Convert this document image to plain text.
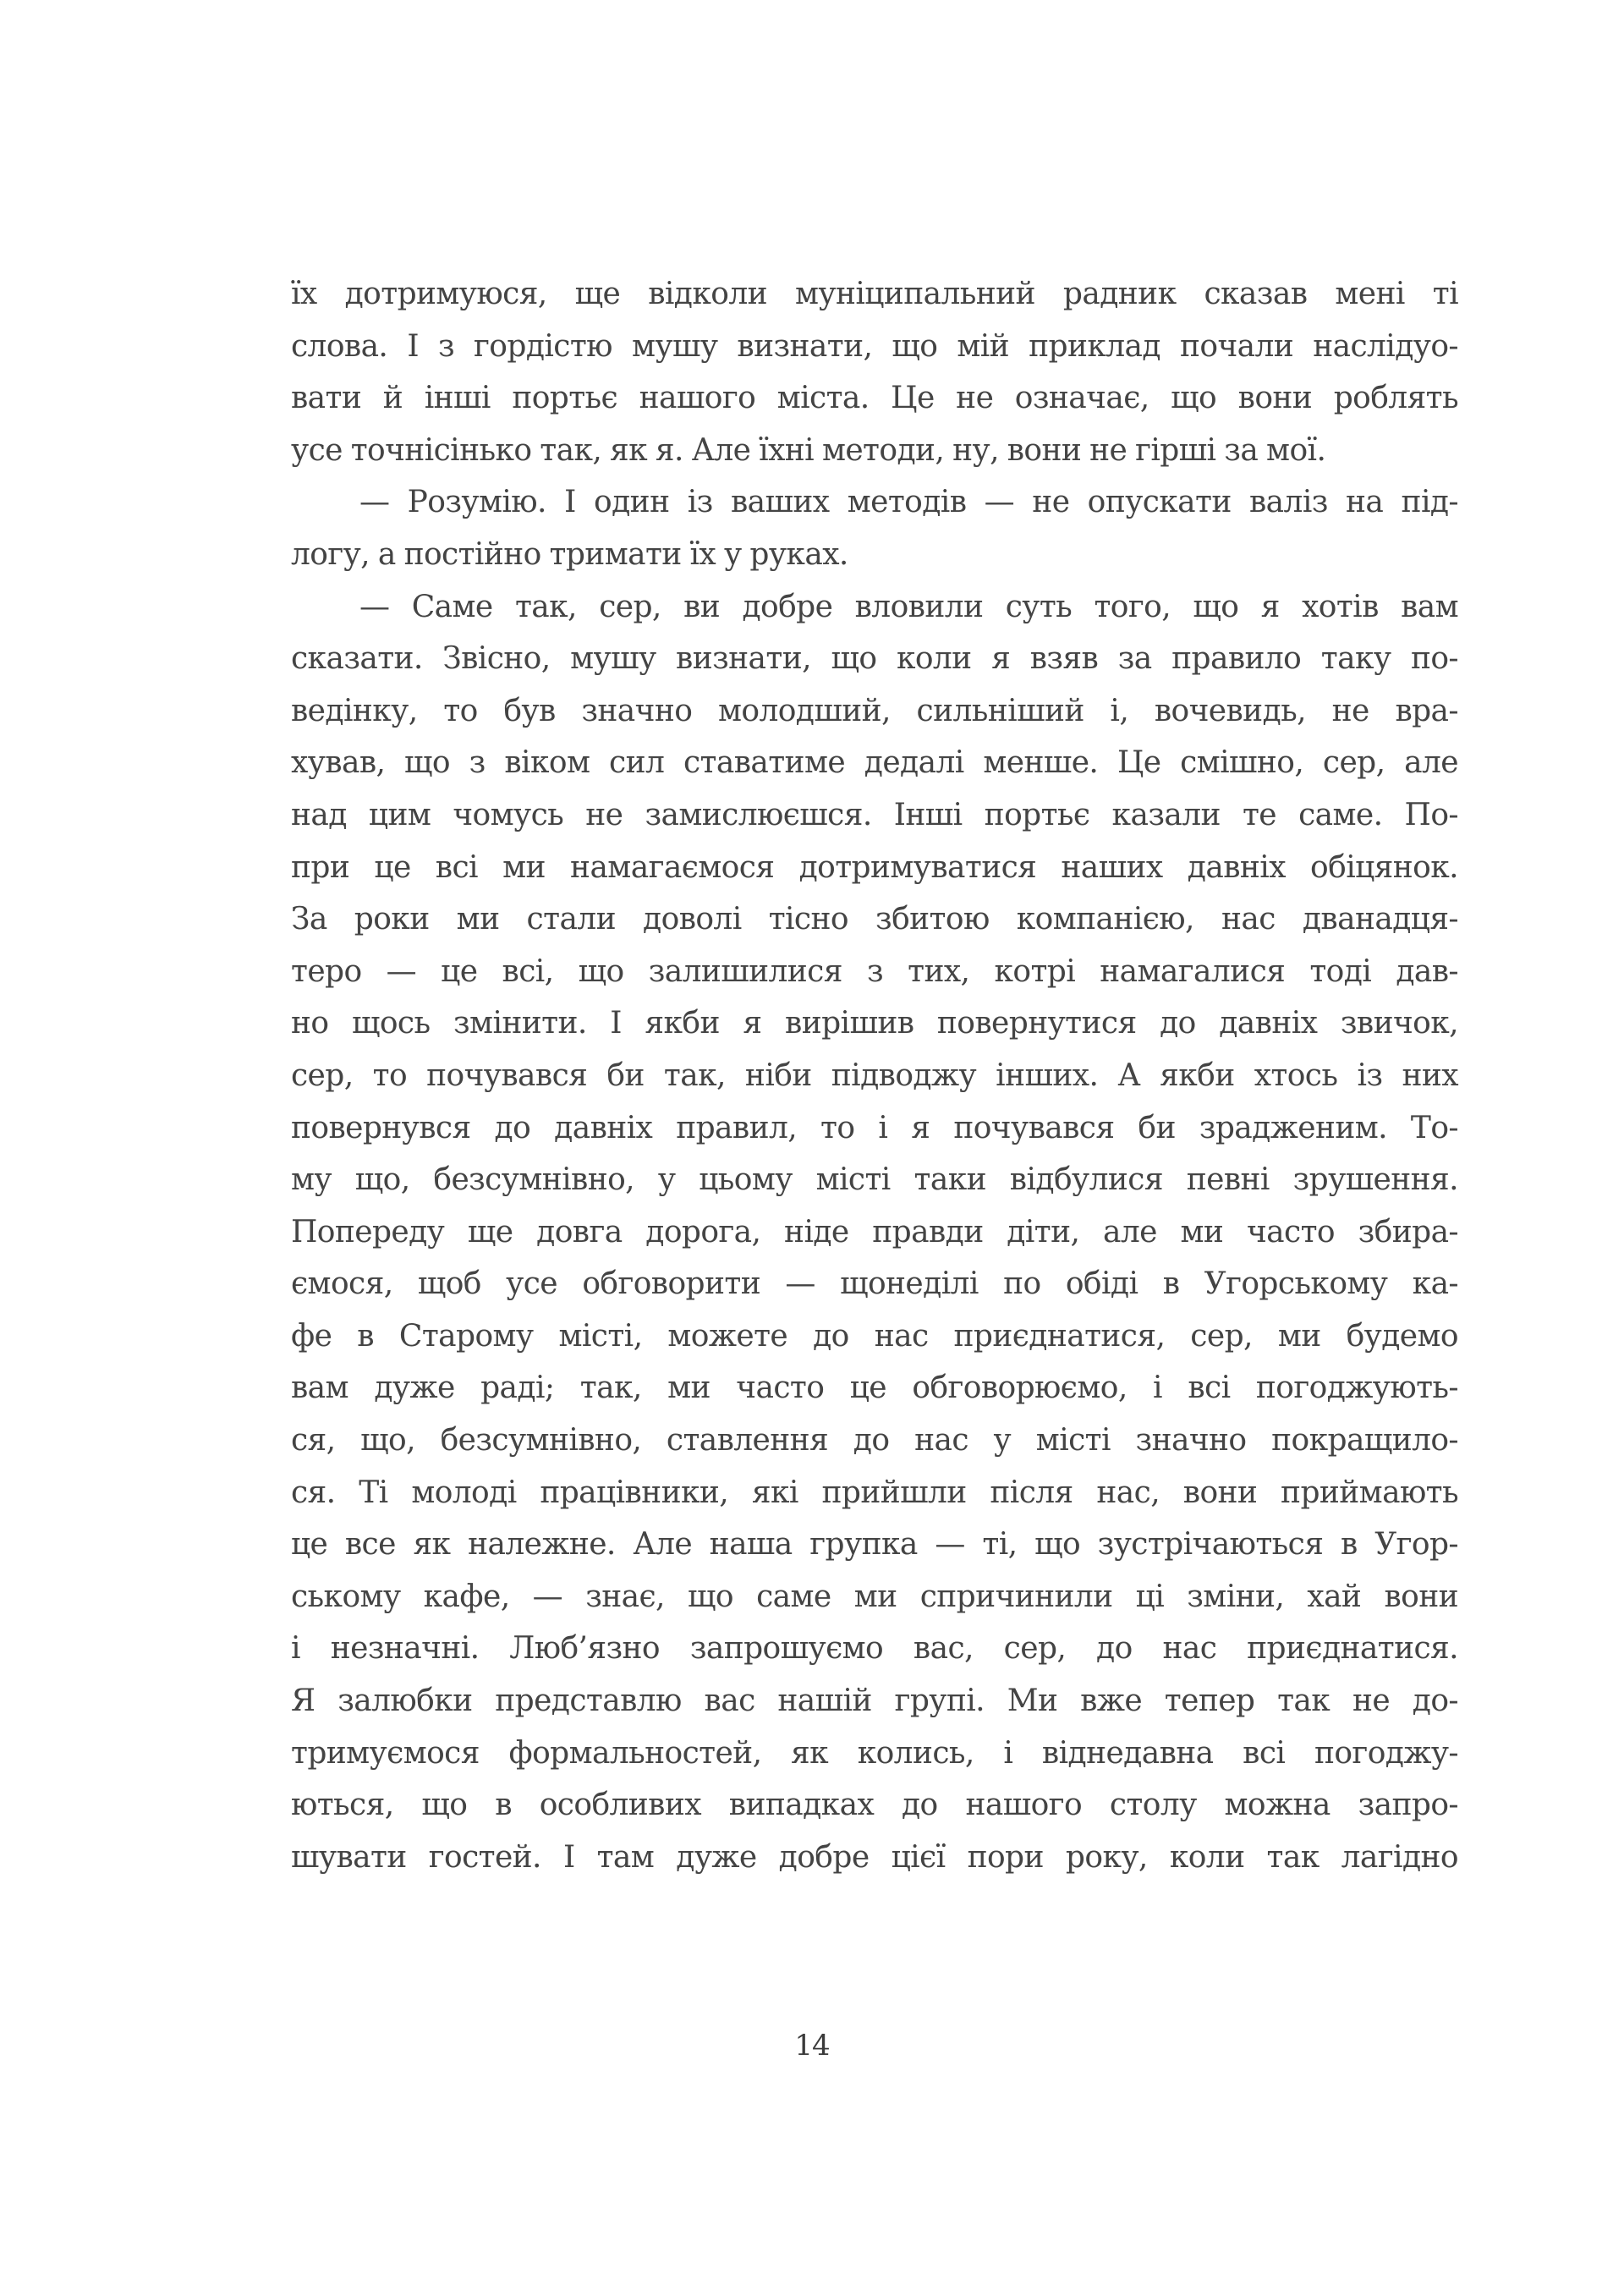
їх дотримуюся, ще відколи муніципальний радник сказав мені ті
слова. І з гордістю мушу визнати, що мій приклад почали наслідуо-
вати й інші портьє нашого міста. Це не означає, що вони роблять
усе точнісінько так, як я. Але їхні методи, ну, вони не гірші за мої.
— Розумію. І один із ваших методів — не опускати валіз на під-
логу, а постійно тримати їх у руках.
— Саме так, сер, ви добре вловили суть того, що я хотів вам
сказати. Звісно, мушу визнати, що коли я взяв за правило таку по-
ведінку, то був значно молодший, сильніший і, вочевидь, не вра-
хував, що з віком сил ставатиме дедалі менше. Це смішно, сер, але
над цим чомусь не замислюєшся. Інші портьє казали те саме. По-
при це всі ми намагаємося дотримуватися наших давніх обіцянок.
За роки ми стали доволі тісно збитою компанією, нас дванадця-
теро — це всі, що залишилися з тих, котрі намагалися тоді дав-
но щось змінити. І якби я вирішив повернутися до давніх звичок,
сер, то почувався би так, ніби підводжу інших. А якби хтось із них
повернувся до давніх правил, то і я почувався би зрадженим. То-
му що, безсумнівно, у цьому місті таки відбулися певні зрушення.
Попереду ще довга дорога, ніде правди діти, але ми часто збира-
ємося, щоб усе обговорити — щонеділі по обіді в Угорському ка-
фе в Старому місті, можете до нас приєднатися, сер, ми будемо
вам дуже раді; так, ми часто це обговорюємо, і всі погоджують-
ся, що, безсумнівно, ставлення до нас у місті значно покращило-
ся. Ті молоді працівники, які прийшли після нас, вони приймають
це все як належне. Але наша групка — ті, що зустрічаються в Угор-
ському кафе, — знає, що саме ми спричинили ці зміни, хай вони
і незначні. Люб’язно запрошуємо вас, сер, до нас приєднатися.
Я залюбки представлю вас нашій групі. Ми вже тепер так не до-
тримуємося формальностей, як колись, і віднедавна всі погоджу-
ються, що в особливих випадках до нашого столу можна запро-
шувати гостей. І там дуже добре цієї пори року, коли так лагідно
14
